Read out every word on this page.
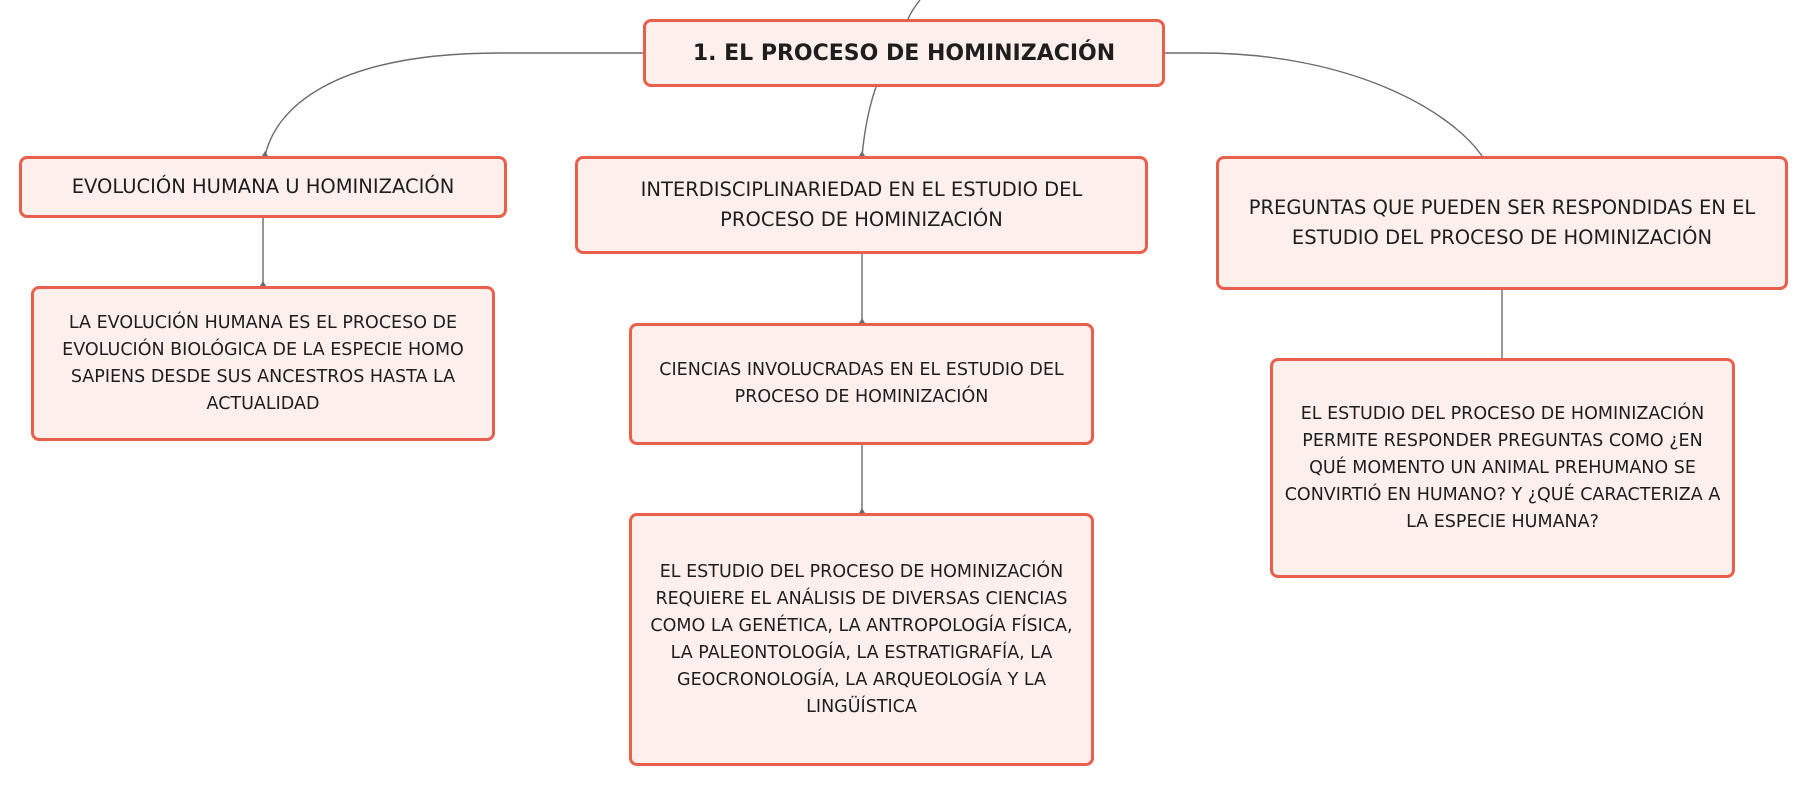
1. EL PROCESO DE HOMINIZACIÓN
EVOLUCIÓN HUMANA U HOMINIZACIÓN	INTERDISCIPLINARIEDAD EN EL ESTUDIO DEL PROCESO DE HOMINIZACIÓN
PREGUNTAS QUE PUEDEN SER RESPONDIDAS EN EL ESTUDIO DEL PROCESO DE HOMINIZACIÓN
LA EVOLUCIÓN HUMANA ES EL PROCESO DE EVOLUCIÓN BIOLÓGICA DE LA ESPECIE HOMO SAPIENS DESDE SUS ANCESTROS HASTA LA ACTUALIDAD
CIENCIAS INVOLUCRADAS EN EL ESTUDIO DEL PROCESO DE HOMINIZACIÓN
EL ESTUDIO DEL PROCESO DE HOMINIZACIÓN REQUIERE EL ANÁLISIS DE DIVERSAS CIENCIAS COMO LA GENÉTICA, LA ANTROPOLOGÍA FÍSICA, LA PALEONTOLOGÍA, LA ESTRATIGRAFÍA, LA GEOCRONOLOGÍA, LA ARQUEOLOGÍA Y LA LINGÜÍSTICA
EL ESTUDIO DEL PROCESO DE HOMINIZACIÓN PERMITE RESPONDER PREGUNTAS COMO ¿EN QUÉ MOMENTO UN ANIMAL PREHUMANO SE CONVIRTIÓ EN HUMANO? Y ¿QUÉ CARACTERIZA A LA ESPECIE HUMANA?
